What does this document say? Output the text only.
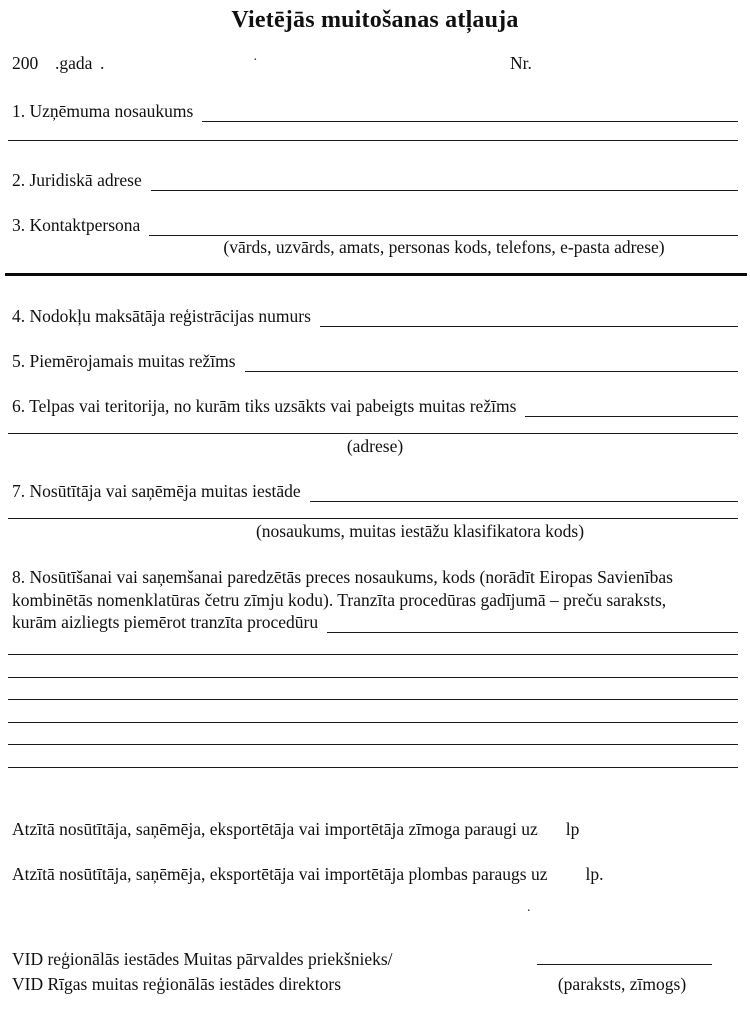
Vietējās muitošanas atļauja
200 .gada .	·	Nr.
1. Uzņēmuma nosaukums
2. Juridiskā adrese
3. Kontaktpersona
(vārds, uzvārds, amats, personas kods, telefons, e-pasta adrese)
4. Nodokļu maksātāja reģistrācijas numurs
5. Piemērojamais muitas režīms
6. Telpas vai teritorija, no kurām tiks uzsākts vai pabeigts muitas režīms
(adrese)
7. Nosūtītāja vai saņēmēja muitas iestāde
(nosaukums, muitas iestāžu klasifikatora kods)
8. Nosūtīšanai vai saņemšanai paredzētās preces nosaukums, kods (norādīt Eiropas Savienības
kombinētās nomenklatūras četru zīmju kodu). Tranzīta procedūras gadījumā – preču saraksts,
kurām aizliegts piemērot tranzīta procedūru
Atzītā nosūtītāja, saņēmēja, eksportētāja vai importētāja zīmoga paraugi uz lp
Atzītā nosūtītāja, saņēmēja, eksportētāja vai importētāja plombas paraugs uz lp.
.
VID reģionālās iestādes Muitas pārvaldes priekšnieks/
VID Rīgas muitas reģionālās iestādes direktors	(paraksts, zīmogs)
